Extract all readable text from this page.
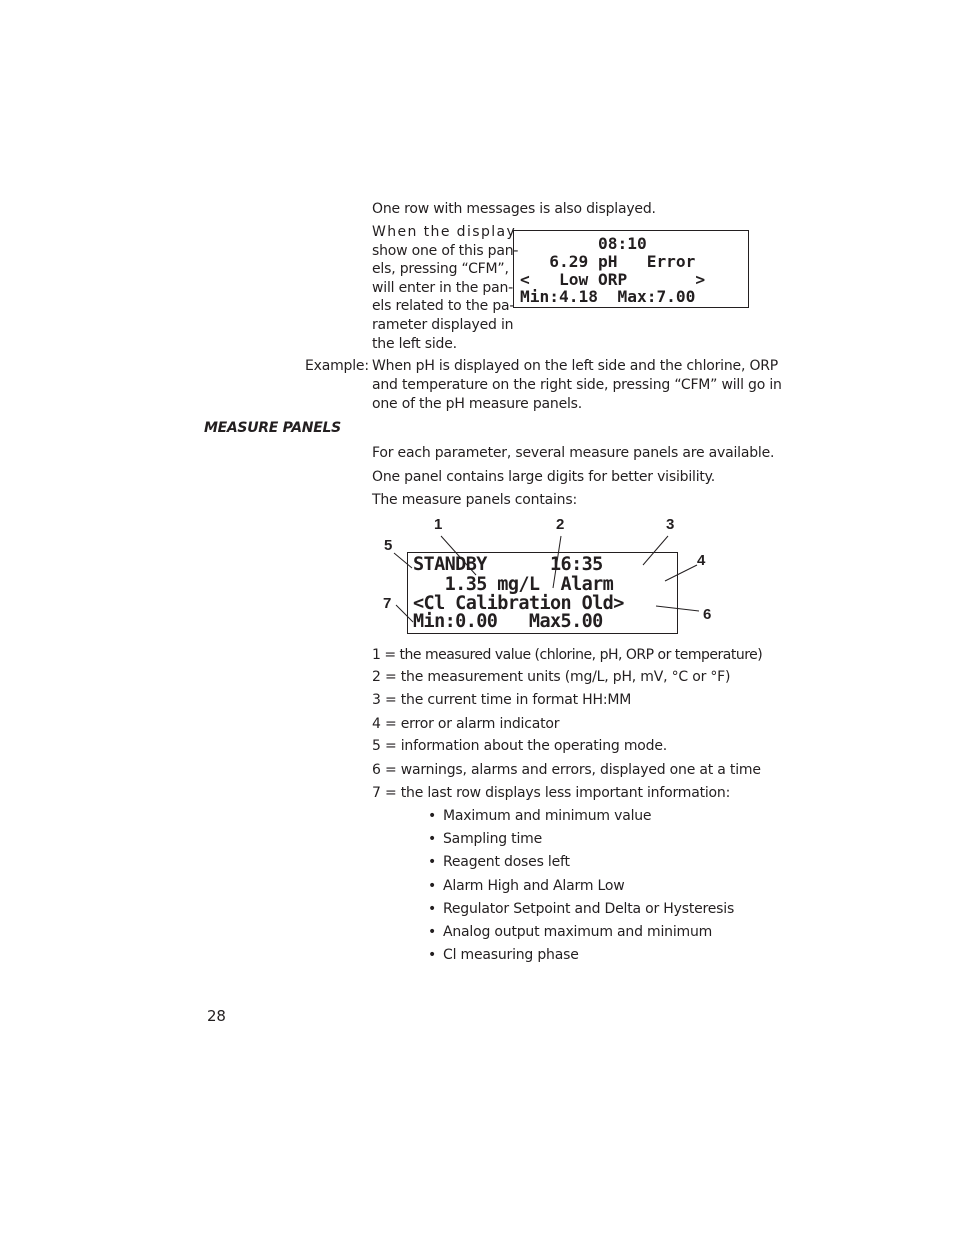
One row with messages is also displayed.
When the display
show one of this pan-
els, pressing “CFM”,
will enter in the pan-
els related to the pa-
rameter displayed in
the left side.
08:10
6.29 pH   Error
<   Low ORP       >
Min:4.18  Max:7.00
Example: When pH is displayed on the left side and the chlorine, ORP
and temperature on the right side, pressing “CFM” will go in
one of the pH measure panels.
MEASURE PANELS
For each parameter, several measure panels are available.
One panel contains large digits for better visibility.
The measure panels contains:
STANDBY      16:35
1.35 mg/L  Alarm
<Cl Calibration Old>
Min:0.00   Max5.00
1	2	3
4
5
6
7
1 = the measured value (chlorine, pH, ORP or temperature)
2 = the measurement units (mg/L, pH, mV, °C or °F)
3 = the current time in format HH:MM
4 = error or alarm indicator
5 = information about the operating mode.
6 = warnings, alarms and errors, displayed one at a time
7 = the last row displays less important information:
• Maximum and minimum value
• Sampling time
• Reagent doses left
• Alarm High and Alarm Low
• Regulator Setpoint and Delta or Hysteresis
• Analog output maximum and minimum
• Cl measuring phase
28
